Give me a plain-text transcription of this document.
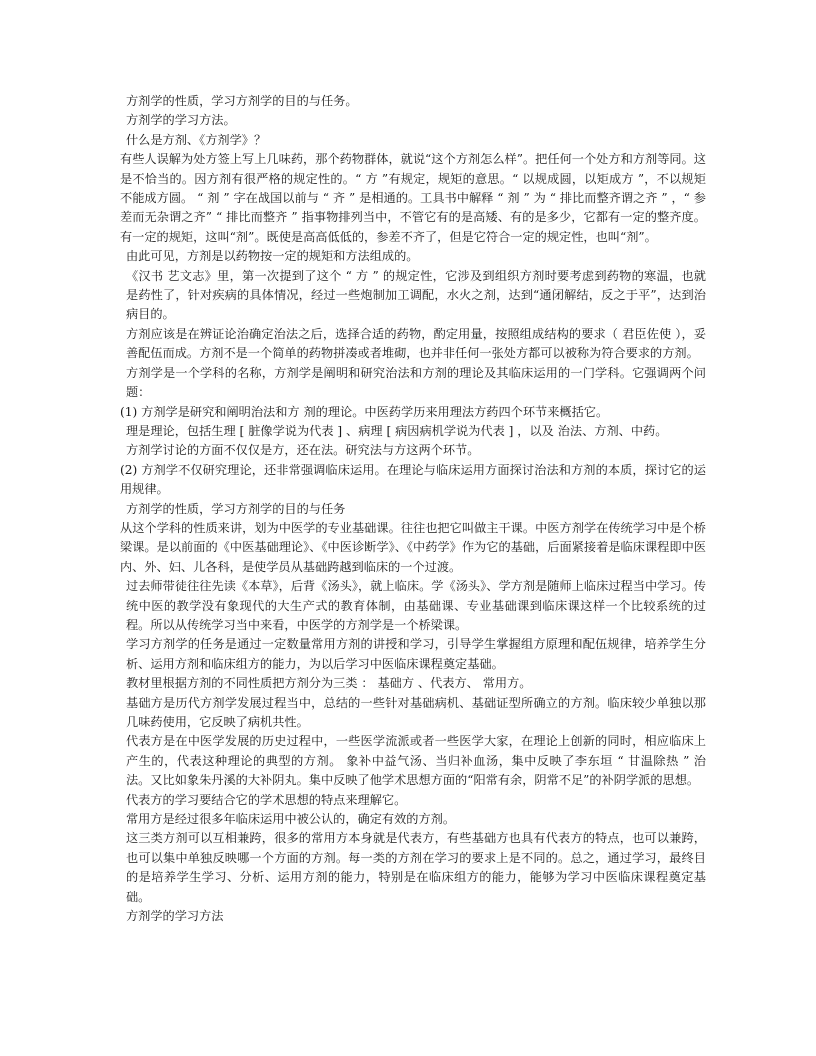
方剂学的性质，学习方剂学的目的与任务。

方剂学的学习方法。

什么是方剂、《方剂学》？

有些人误解为处方签上写上几味药，那个药物群体，就说“这个方剂怎么样”。把任何一个处方和方剂等同。这是不恰当的。因方剂有很严格的规定性的。“ 方 ”有规定，规矩的意思。“ 以规成圆，以矩成方 ”，不以规矩不能成方圆。 “ 剂 ” 字在战国以前与 “ 齐 ” 是相通的。工具书中解释 “ 剂 ” 为 “ 排比而整齐谓之齐 ” ，“ 参差而无杂谓之齐” “ 排比而整齐 ” 指事物排列当中，不管它有的是高矮、有的是多少，它都有一定的整齐度。有一定的规矩，这叫“剂”。既使是高高低低的，参差不齐了，但是它符合一定的规定性，也叫“剂”。

由此可见，方剂是以药物按一定的规矩和方法组成的。

《汉书 艺文志》里，第一次提到了这个 “ 方 ” 的规定性，它涉及到组织方剂时要考虑到药物的寒温，也就是药性了，针对疾病的具体情况，经过一些炮制加工调配，水火之剂，达到“通闭解结，反之于平”，达到治病目的。

方剂应该是在辨证论治确定治法之后，选择合适的药物，酌定用量，按照组成结构的要求（ 君臣佐使 ），妥善配伍而成。方剂不是一个简单的药物拼凑或者堆砌，也并非任何一张处方都可以被称为符合要求的方剂。

方剂学是一个学科的名称，方剂学是阐明和研究治法和方剂的理论及其临床运用的一门学科。它强调两个问题：

(1) 方剂学是研究和阐明治法和方 剂的理论。中医药学历来用理法方药四个环节来概括它。

理是理论，包括生理 [ 脏像学说为代表 ] 、病理 [ 病因病机学说为代表 ] ，以及 治法、方剂、中药。

方剂学讨论的方面不仅仅是方，还在法。研究法与方这两个环节。

(2) 方剂学不仅研究理论，还非常强调临床运用。在理论与临床运用方面探讨治法和方剂的本质，探讨它的运用规律。

方剂学的性质，学习方剂学的目的与任务

从这个学科的性质来讲，划为中医学的专业基础课。往往也把它叫做主干课。中医方剂学在传统学习中是个桥梁课。是以前面的《中医基础理论》、《中医诊断学》、《中药学》作为它的基础，后面紧接着是临床课程即中医内、外、妇、儿各科，是使学员从基础跨越到临床的一个过渡。

过去师带徒往往先读《本草》，后背《汤头》，就上临床。学《汤头》、学方剂是随师上临床过程当中学习。传统中医的教学没有象现代的大生产式的教育体制，由基础课、专业基础课到临床课这样一个比较系统的过程。所以从传统学习当中来看，中医学的方剂学是一个桥梁课。

学习方剂学的任务是通过一定数量常用方剂的讲授和学习，引导学生掌握组方原理和配伍规律，培养学生分析、运用方剂和临床组方的能力，为以后学习中医临床课程奠定基础。

教材里根据方剂的不同性质把方剂分为三类 ： 基础方 、代表方、 常用方。

基础方是历代方剂学发展过程当中，总结的一些针对基础病机、基础证型所确立的方剂。临床较少单独以那几味药使用，它反映了病机共性。

代表方是在中医学发展的历史过程中，一些医学流派或者一些医学大家，在理论上创新的同时，相应临床上产生的，代表这种理论的典型的方剂。 象补中益气汤、当归补血汤，集中反映了李东垣 “ 甘温除热 ” 治法。又比如象朱丹溪的大补阴丸。集中反映了他学术思想方面的“阳常有余，阴常不足”的补阴学派的思想。

代表方的学习要结合它的学术思想的特点来理解它。

常用方是经过很多年临床运用中被公认的，确定有效的方剂。

这三类方剂可以互相兼跨，很多的常用方本身就是代表方，有些基础方也具有代表方的特点，也可以兼跨，也可以集中单独反映哪一个方面的方剂。每一类的方剂在学习的要求上是不同的。总之，通过学习，最终目的是培养学生学习、分析、运用方剂的能力，特别是在临床组方的能力，能够为学习中医临床课程奠定基础。

方剂学的学习方法
